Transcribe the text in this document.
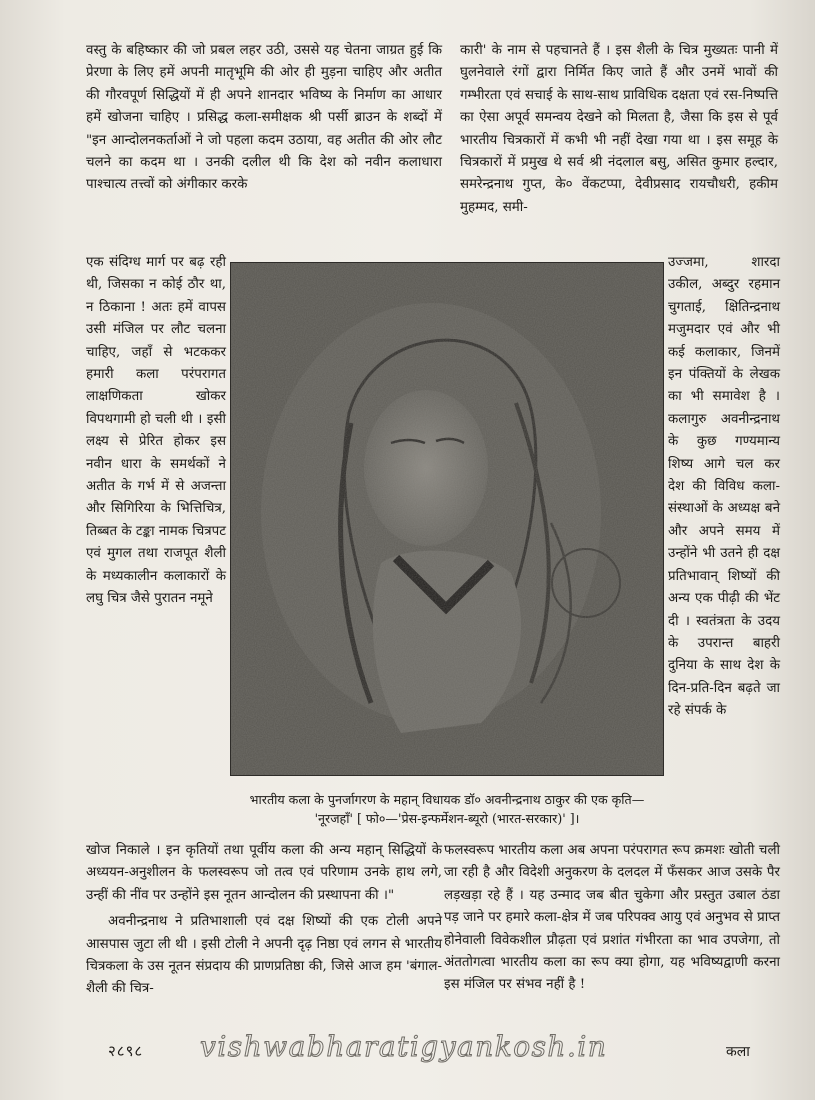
वस्तु के बहिष्कार की जो प्रबल लहर उठी, उससे यह चेतना जाग्रत हुई कि प्रेरणा के लिए हमें अपनी मातृभूमि की ओर ही मुड़ना चाहिए और अतीत की गौरवपूर्ण सिद्धियों में ही अपने शानदार भविष्य के निर्माण का आधार हमें खोजना चाहिए । प्रसिद्ध कला-समीक्षक श्री पर्सी ब्राउन के शब्दों में "इन आन्दोलनकर्ताओं ने जो पहला कदम उठाया, वह अतीत की ओर लौट चलने का कदम था । उनकी दलील थी कि देश को नवीन कलाधारा पाश्चात्य तत्त्वों को अंगीकार करके

कारी' के नाम से पहचानते हैं । इस शैली के चित्र मुख्यतः पानी में घुलनेवाले रंगों द्वारा निर्मित किए जाते हैं और उनमें भावों की गम्भीरता एवं सचाई के साथ-साथ प्राविधिक दक्षता एवं रस-निष्पत्ति का ऐसा अपूर्व समन्वय देखने को मिलता है, जैसा कि इस से पूर्व भारतीय चित्रकारों में कभी भी नहीं देखा गया था । इस समूह के चित्रकारों में प्रमुख थे सर्व श्री नंदलाल बसु, असित कुमार हल्दार, समरेन्द्रनाथ गुप्त, के० वेंकटप्पा, देवीप्रसाद रायचौधरी, हकीम मुहम्मद, समी-

एक संदिग्ध मार्ग पर बढ़ रही थी, जिसका न कोई ठौर था, न ठिकाना ! अतः हमें वापस उसी मंजिल पर लौट चलना चाहिए, जहाँ से भटककर हमारी कला परंपरागत लाक्षणिकता खोकर विपथगामी हो चली थी । इसी लक्ष्य से प्रेरित होकर इस नवीन धारा के समर्थकों ने अतीत के गर्भ में से अजन्ता और सिगिरिया के भित्तिचित्र, तिब्बत के टङ्का नामक चित्रपट एवं मुगल तथा राजपूत शैली के मध्यकालीन कलाकारों के लघु चित्र जैसे पुरातन नमूने

उज्जमा, शारदा उकील, अब्दुर रहमान चुगताई, क्षितिन्द्रनाथ मजुमदार एवं और भी कई कलाकार, जिनमें इन पंक्तियों के लेखक का भी समावेश है । कलागुरु अवनीन्द्रनाथ के कुछ गण्यमान्य शिष्य आगे चल कर देश की विविध कला-संस्थाओं के अध्यक्ष बने और अपने समय में उन्होंने भी उतने ही दक्ष प्रतिभावान् शिष्यों की अन्य एक पीढ़ी की भेंट दी । स्वतंत्रता के उदय के उपरान्त बाहरी दुनिया के साथ देश के दिन-प्रति-दिन बढ़ते जा रहे संपर्क के

भारतीय कला के पुनर्जागरण के महान् विधायक डॉ० अवनीन्द्रनाथ ठाकुर की एक कृति— 'नूरजहाँ' [ फो०—'प्रेस-इन्फर्मेशन-ब्यूरो (भारत-सरकार)' ]।

खोज निकाले । इन कृतियों तथा पूर्वीय कला की अन्य महान् सिद्धियों के अध्ययन-अनुशीलन के फलस्वरूप जो तत्व एवं परिणाम उनके हाथ लगे, उन्हीं की नींव पर उन्होंने इस नूतन आन्दोलन की प्रस्थापना की ।"

अवनीन्द्रनाथ ने प्रतिभाशाली एवं दक्ष शिष्यों की एक टोली अपने आसपास जुटा ली थी । इसी टोली ने अपनी दृढ़ निष्ठा एवं लगन से भारतीय चित्रकला के उस नूतन संप्रदाय की प्राणप्रतिष्ठा की, जिसे आज हम 'बंगाल-शैली की चित्र-

फलस्वरूप भारतीय कला अब अपना परंपरागत रूप क्रमशः खोती चली जा रही है और विदेशी अनुकरण के दलदल में फँसकर आज उसके पैर लड़खड़ा रहे हैं । यह उन्माद जब बीत चुकेगा और प्रस्तुत उबाल ठंडा पड़ जाने पर हमारे कला-क्षेत्र में जब परिपक्व आयु एवं अनुभव से प्राप्त होनेवाली विवेकशील प्रौढ़ता एवं प्रशांत गंभीरता का भाव उपजेगा, तो अंततोगत्वा भारतीय कला का रूप क्या होगा, यह भविष्यद्वाणी करना इस मंजिल पर संभव नहीं है !

२८९८ vishwabharatigyankosh.in	कला
